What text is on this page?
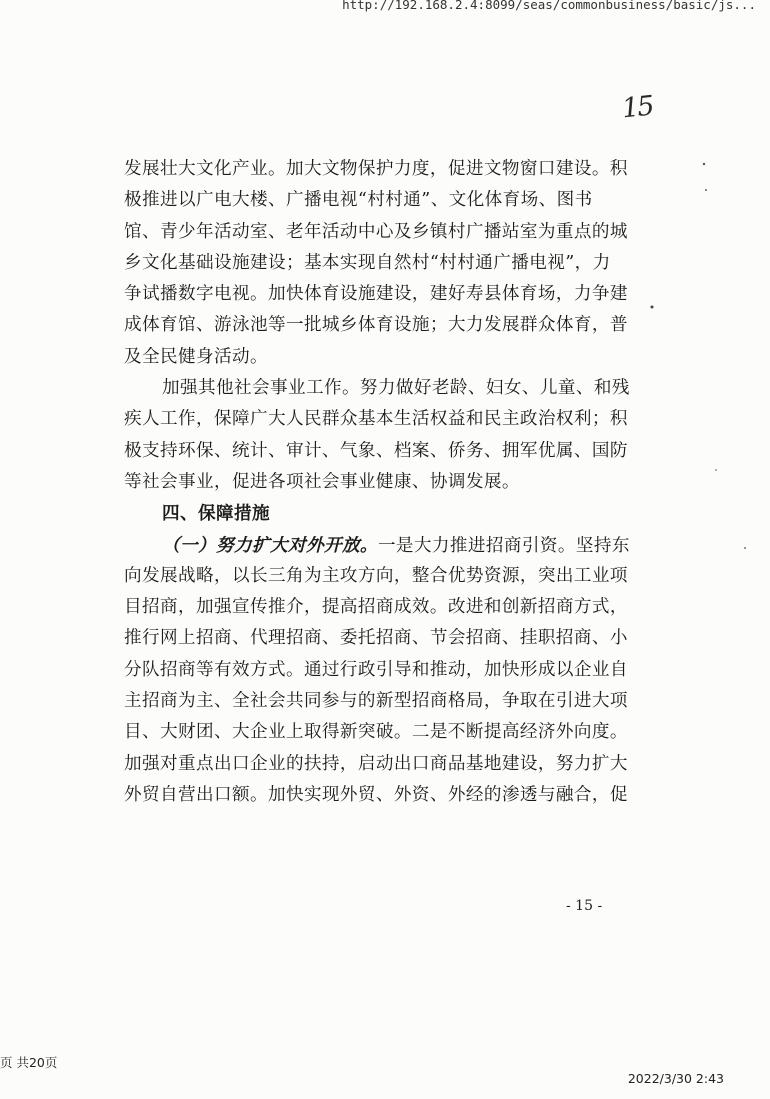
http://192.168.2.4:8099/seas/commonbusiness/basic/js...
15
发展壮大文化产业。加大文物保护力度，促进文物窗口建设。积
极推进以广电大楼、广播电视“村村通”、文化体育场、图书
馆、青少年活动室、老年活动中心及乡镇村广播站室为重点的城
乡文化基础设施建设；基本实现自然村“村村通广播电视”，力
争试播数字电视。加快体育设施建设，建好寿县体育场，力争建
成体育馆、游泳池等一批城乡体育设施；大力发展群众体育，普
及全民健身活动。
加强其他社会事业工作。努力做好老龄、妇女、儿童、和残
疾人工作，保障广大人民群众基本生活权益和民主政治权利；积
极支持环保、统计、审计、气象、档案、侨务、拥军优属、国防
等社会事业，促进各项社会事业健康、协调发展。
四、保障措施
（一）努力扩大对外开放。一是大力推进招商引资。坚持东
向发展战略，以长三角为主攻方向，整合优势资源，突出工业项
目招商，加强宣传推介，提高招商成效。改进和创新招商方式，
推行网上招商、代理招商、委托招商、节会招商、挂职招商、小
分队招商等有效方式。通过行政引导和推动，加快形成以企业自
主招商为主、全社会共同参与的新型招商格局，争取在引进大项
目、大财团、大企业上取得新突破。二是不断提高经济外向度。
加强对重点出口企业的扶持，启动出口商品基地建设，努力扩大
外贸自营出口额。加快实现外贸、外资、外经的渗透与融合，促
- 15 -
页 共20页
2022/3/30 2:43
